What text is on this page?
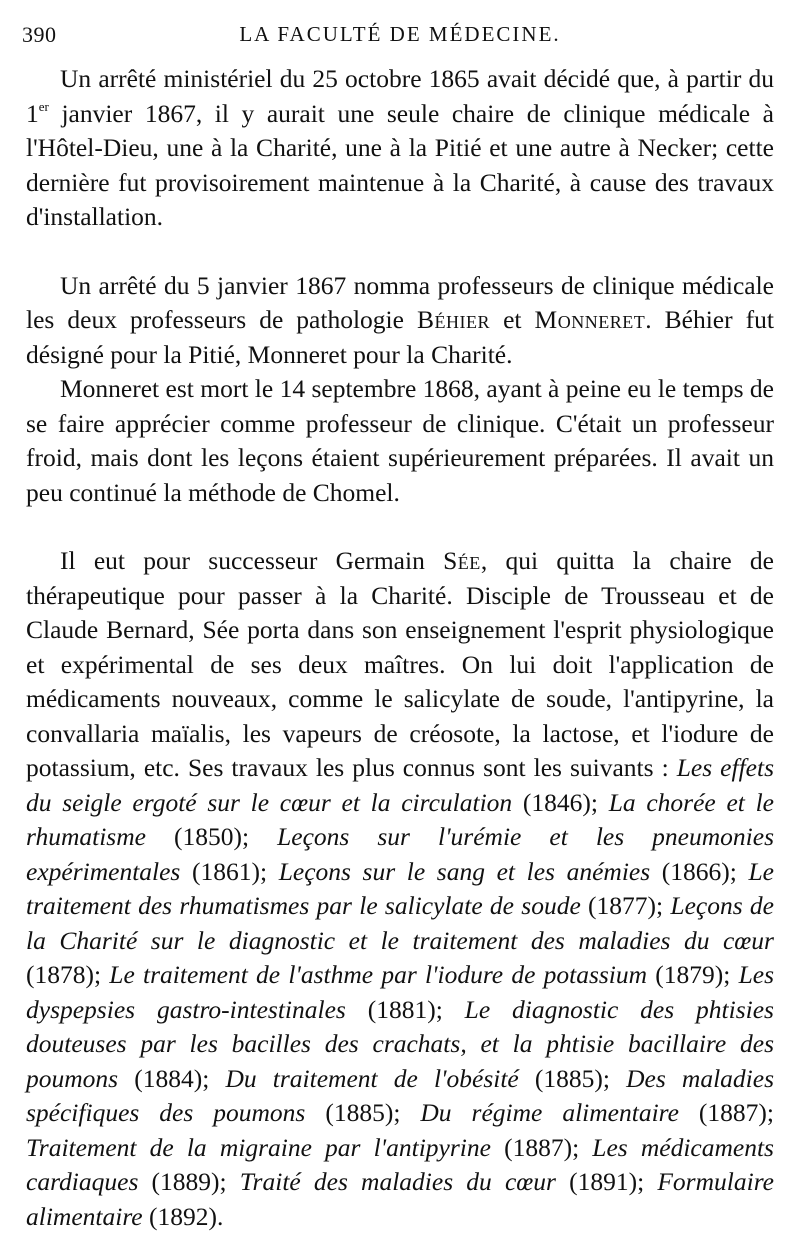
390	LA FACULTÉ DE MÉDECINE.

Un arrêté ministériel du 25 octobre 1865 avait décidé que, à partir du 1er janvier 1867, il y aurait une seule chaire de clinique médicale à l'Hôtel-Dieu, une à la Charité, une à la Pitié et une autre à Necker; cette dernière fut provisoirement maintenue à la Charité, à cause des travaux d'installation.

Un arrêté du 5 janvier 1867 nomma professeurs de clinique médicale les deux professeurs de pathologie Béhier et Monneret. Béhier fut désigné pour la Pitié, Monneret pour la Charité.

Monneret est mort le 14 septembre 1868, ayant à peine eu le temps de se faire apprécier comme professeur de clinique. C'était un professeur froid, mais dont les leçons étaient supérieurement préparées. Il avait un peu continué la méthode de Chomel.

Il eut pour successeur Germain Sée, qui quitta la chaire de thérapeutique pour passer à la Charité. Disciple de Trousseau et de Claude Bernard, Sée porta dans son enseignement l'esprit physiologique et expérimental de ses deux maîtres. On lui doit l'application de médicaments nouveaux, comme le salicylate de soude, l'antipyrine, la convallaria maïalis, les vapeurs de créosote, la lactose, et l'iodure de potassium, etc. Ses travaux les plus connus sont les suivants : Les effets du seigle ergoté sur le cœur et la circulation (1846); La chorée et le rhumatisme (1850); Leçons sur l'urémie et les pneumonies expérimentales (1861); Leçons sur le sang et les anémies (1866); Le traitement des rhumatismes par le salicylate de soude (1877); Leçons de la Charité sur le diagnostic et le traitement des maladies du cœur (1878); Le traitement de l'asthme par l'iodure de potassium (1879); Les dyspepsies gastro-intestinales (1881); Le diagnostic des phtisies douteuses par les bacilles des crachats, et la phtisie bacillaire des poumons (1884); Du traitement de l'obésité (1885); Des maladies spécifiques des poumons (1885); Du régime alimentaire (1887); Traitement de la migraine par l'antipyrine (1887); Les médicaments cardiaques (1889); Traité des maladies du cœur (1891); Formulaire alimentaire (1892).
